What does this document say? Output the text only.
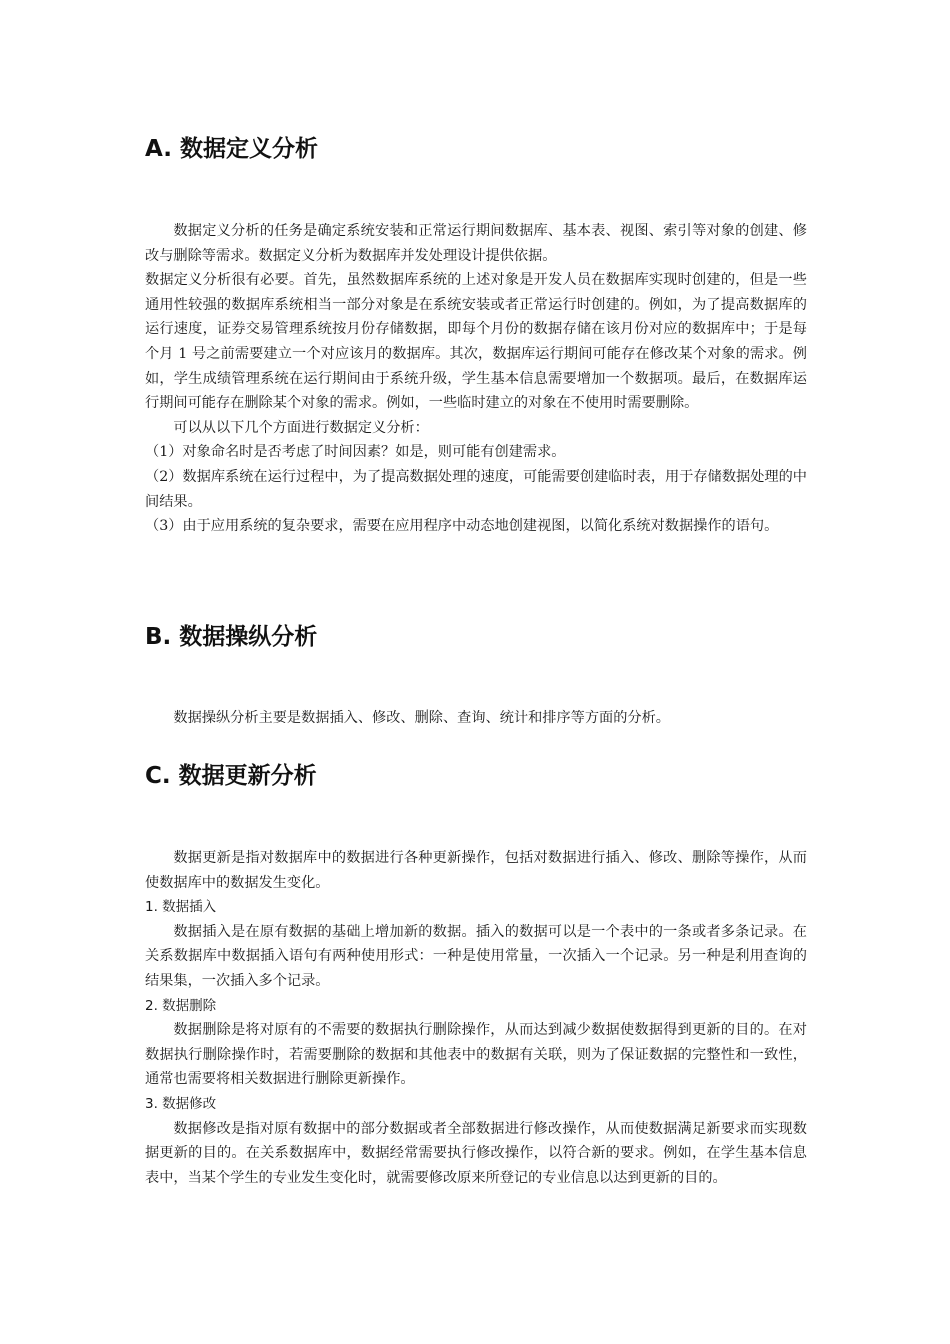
A. 数据定义分析

数据定义分析的任务是确定系统安装和正常运行期间数据库、基本表、视图、索引等对象的创建、修改与删除等需求。数据定义分析为数据库并发处理设计提供依据。

数据定义分析很有必要。首先，虽然数据库系统的上述对象是开发人员在数据库实现时创建的，但是一些通用性较强的数据库系统相当一部分对象是在系统安装或者正常运行时创建的。例如，为了提高数据库的运行速度，证券交易管理系统按月份存储数据，即每个月份的数据存储在该月份对应的数据库中；于是每个月 1 号之前需要建立一个对应该月的数据库。其次，数据库运行期间可能存在修改某个对象的需求。例如，学生成绩管理系统在运行期间由于系统升级，学生基本信息需要增加一个数据项。最后，在数据库运行期间可能存在删除某个对象的需求。例如，一些临时建立的对象在不使用时需要删除。

可以从以下几个方面进行数据定义分析：

（1）对象命名时是否考虑了时间因素？如是，则可能有创建需求。

（2）数据库系统在运行过程中，为了提高数据处理的速度，可能需要创建临时表，用于存储数据处理的中间结果。

（3）由于应用系统的复杂要求，需要在应用程序中动态地创建视图，以简化系统对数据操作的语句。

B. 数据操纵分析

数据操纵分析主要是数据插入、修改、删除、查询、统计和排序等方面的分析。

C. 数据更新分析

数据更新是指对数据库中的数据进行各种更新操作，包括对数据进行插入、修改、删除等操作，从而使数据库中的数据发生变化。

1. 数据插入

数据插入是在原有数据的基础上增加新的数据。插入的数据可以是一个表中的一条或者多条记录。在关系数据库中数据插入语句有两种使用形式：一种是使用常量，一次插入一个记录。另一种是利用查询的结果集，一次插入多个记录。

2. 数据删除

数据删除是将对原有的不需要的数据执行删除操作，从而达到减少数据使数据得到更新的目的。在对数据执行删除操作时，若需要删除的数据和其他表中的数据有关联，则为了保证数据的完整性和一致性，通常也需要将相关数据进行删除更新操作。

3. 数据修改

数据修改是指对原有数据中的部分数据或者全部数据进行修改操作，从而使数据满足新要求而实现数据更新的目的。在关系数据库中，数据经常需要执行修改操作，以符合新的要求。例如，在学生基本信息表中，当某个学生的专业发生变化时，就需要修改原来所登记的专业信息以达到更新的目的。
